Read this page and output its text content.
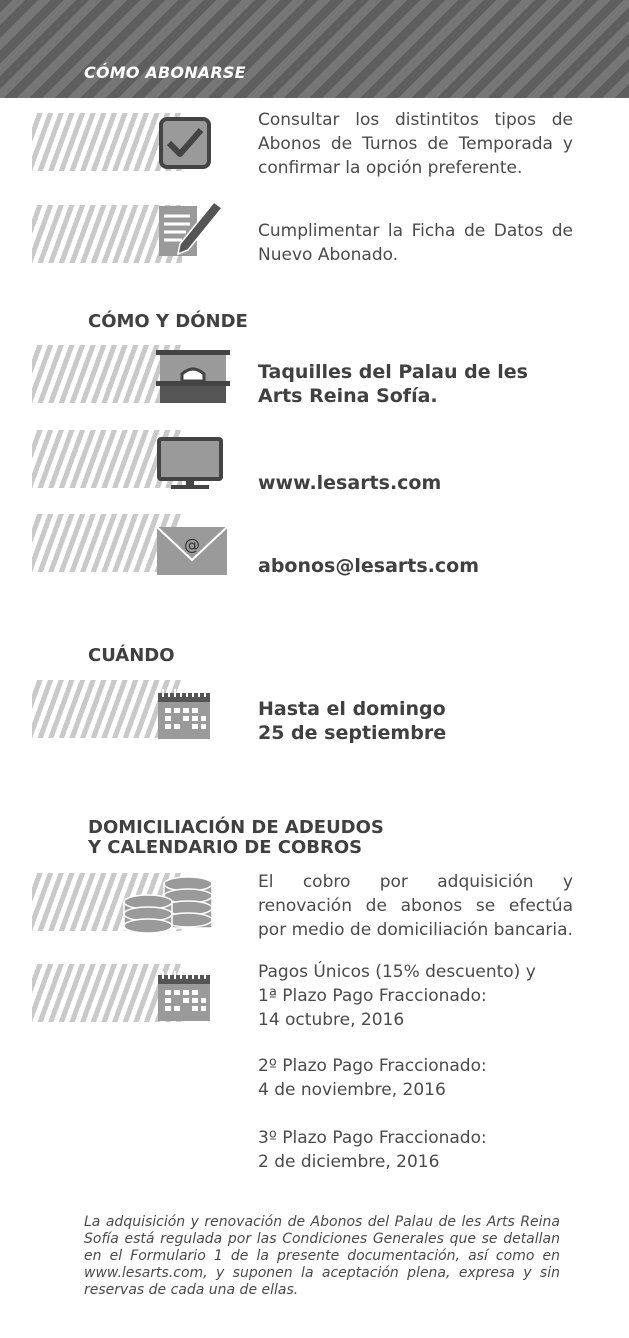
CÓMO ABONARSE
Consultar los distintitos tipos de Abonos de Turnos de Temporada y confirmar la opción preferente.
Cumplimentar la Ficha de Datos de Nuevo Abonado.
CÓMO Y DÓNDE
Taquilles del Palau de les Arts Reina Sofía.
www.lesarts.com
@
abonos@lesarts.com
CUÁNDO
Hasta el domingo
25 de septiembre
DOMICILIACIÓN DE ADEUDOS
Y CALENDARIO DE COBROS
El cobro por adquisición y renovación de abonos se efectúa por medio de domiciliación bancaria.
Pagos Únicos (15% descuento) y
1ª Plazo Pago Fraccionado:
14 octubre, 2016
2º Plazo Pago Fraccionado:
4 de noviembre, 2016
3º Plazo Pago Fraccionado:
2 de diciembre, 2016
La adquisición y renovación de Abonos del Palau de les Arts Reina Sofía está regulada por las Condiciones Generales que se detallan en el Formulario 1 de la presente documentación, así como en www.lesarts.com, y suponen la aceptación plena, expresa y sin reservas de cada una de ellas.
